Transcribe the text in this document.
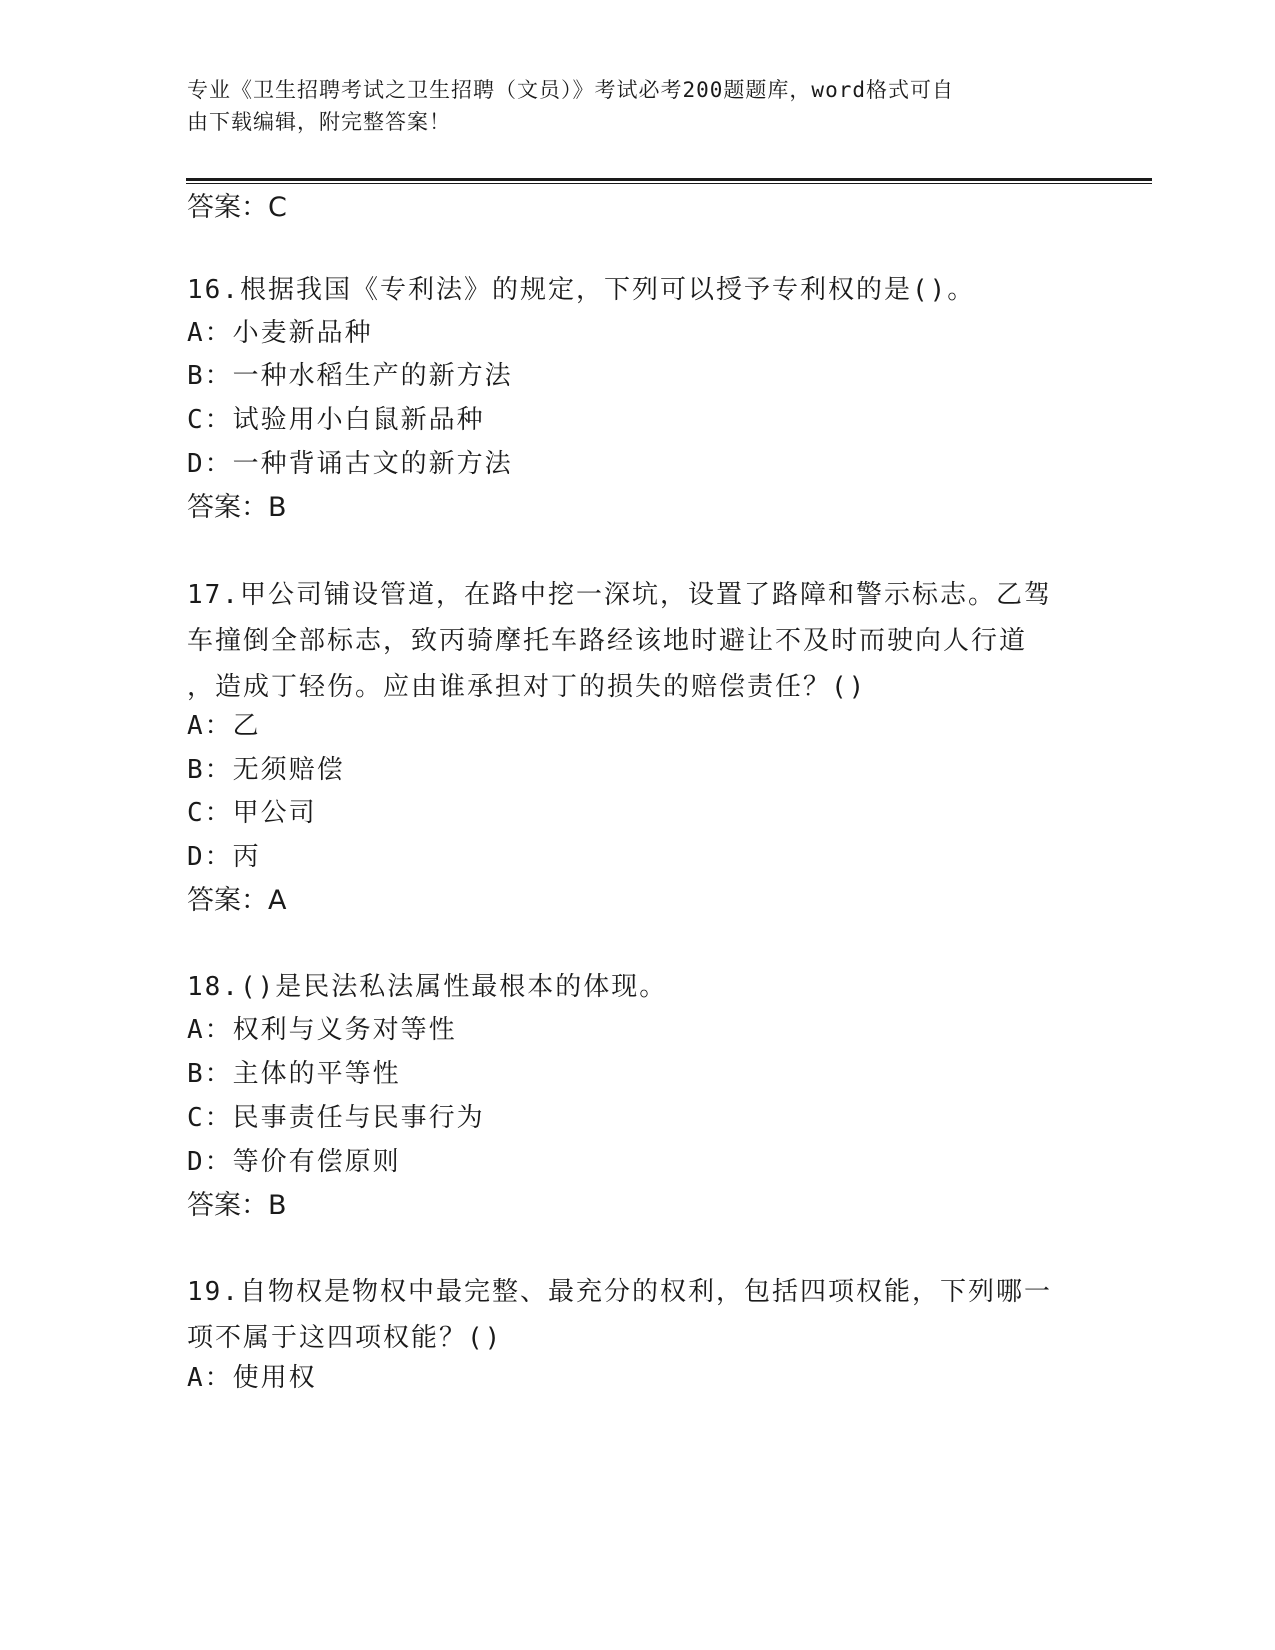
专业《卫生招聘考试之卫生招聘（文员）》考试必考200题题库，word格式可自
由下载编辑，附完整答案！
答案：C
16.根据我国《专利法》的规定，下列可以授予专利权的是()。
A：小麦新品种
B：一种水稻生产的新方法
C：试验用小白鼠新品种
D：一种背诵古文的新方法
答案：B
17.甲公司铺设管道，在路中挖一深坑，设置了路障和警示标志。乙驾
车撞倒全部标志，致丙骑摩托车路经该地时避让不及时而驶向人行道
，造成丁轻伤。应由谁承担对丁的损失的赔偿责任？()
A：乙
B：无须赔偿
C：甲公司
D：丙
答案：A
18.()是民法私法属性最根本的体现。
A：权利与义务对等性
B：主体的平等性
C：民事责任与民事行为
D：等价有偿原则
答案：B
19.自物权是物权中最完整、最充分的权利，包括四项权能，下列哪一
项不属于这四项权能？()
A：使用权
